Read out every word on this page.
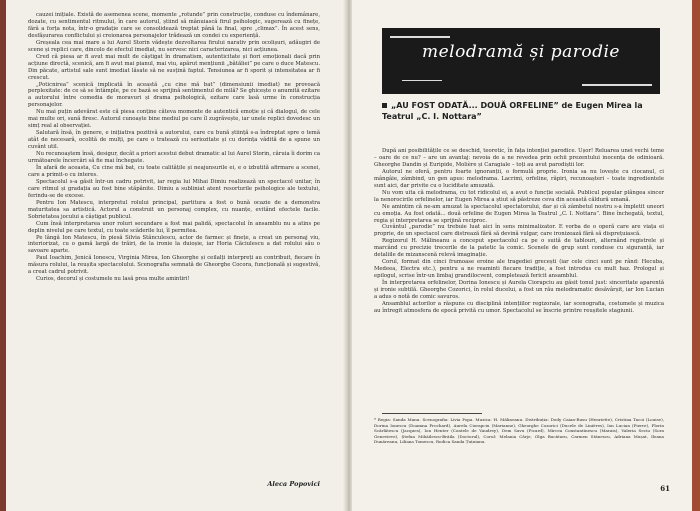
cauzei inițiale. Există de asemenea scene, momente „rotunde” prin construcție, conduse cu îndemânare, dozate, cu sentimentul ritmului, în care autorul, știind să mânuiască firul psihologic, sugerează cu finețe, fără a forța nota, într-o gradație care se consolidează treptat până la final, spre „climax”. În acest sens, desfășurarea conflictului și creionarea personajelor trădează un condei cu experiență.

Greșeala cea mai mare a lui Aurel Storin vădește dezvoltarea firului narativ prin ocolișuri, adăugiri de scene și replici care, dincolo de efectul imediat, nu servesc nici caracterizarea, nici acțiunea.

Cred că piesa ar fi avut mai mult de câștigat în dramatism, autenticitate și fiori emoționali dacă prin acțiune directă, scenică, am fi avut mai pianul, mai viu, apărut mențiunii „bătăliei” pe care o duce Matescu. Din păcate, artistul sale sunt imediat lăsate să ne susțină faptul. Tensiunea ar fi sporit și intensitatea ar fi crescut.

„Poticnirea” scenică implicată în această „cu cine mă bat” (dimensiunii imediat) ne provoacă perplexitate: de ce să se întâmple, pe ce bază se sprijină sentimentul de milă? Se ghicește o anumită ezitare a autorului între comedia de moravuri și drama psihologică, ezitare care lasă urme în construcția personajelor.

Nu mai puțin adevărat este că piesa conține câteva momente de autentică emoție și că dialogul, de cele mai multe ori, sună firesc. Autorul cunoaște bine mediul pe care îl zugrăvește, iar unele replici dovedesc un simț real al observației.

Salutară însă, în genere, e inițiativa pozitivă a autorului, care cu bună știință s-a îndreptat spre o temă atât de necesară, ocolită de mulți, pe care o tratează cu seriozitate și cu dorința vădită de a spune un cuvânt util.

Nu recunoaștem însă, desigur, decât a priori acestui debut dramatic al lui Aurel Storin, căruia îi dorim ca următoarele încercări să fie mai închegate.

În afară de aceasta, Cu cine mă bat, cu toate calitățile și neajunsurile ei, e o izbutită afirmare a scenei, care a primit-o cu interes.

Spectacolul s-a găsit într-un cadru potrivit, iar regia lui Mihai Dimiu realizează un spectacol unitar, în care ritmul și gradația au fost bine stăpânite. Dimiu a subliniat atent resorturile psihologice ale textului, ferindu-se de excese.

Pentru Ion Matescu, interpretul rolului principal, partitura a fost o bună ocazie de a demonstra maturitatea sa artistică. Actorul a construit un personaj complex, cu nuanțe, evitând efectele facile. Sobrietatea jocului a câștigat publicul.

Cum însă interpretarea unor roluri secundare a fost mai palidă, spectacolul în ansamblu nu a atins pe deplin nivelul pe care textul, cu toate scăderile lui, îl permitea.

Pe lângă Ion Matescu, în piesă Silvia Stănculescu, actor de farmec și finețe, a creat un personaj viu, interiorizat, cu o gamă largă de trăiri, de la ironie la duioșie, iar Horia Căciulescu a dat rolului său o savoare aparte.

Paul Ioachim, Jenică Ionescu, Virginia Mirea, Ion Gheorghe și ceilalți interpreți au contribuit, fiecare în măsura rolului, la reușita spectacolului. Scenografia semnată de Gheorghe Cocora, funcțională și sugestivă, a creat cadrul potrivit.

Curios, decorul și costumele nu lasă prea multe amintiri!

Aleca Popovici
melodramă și parodie
„AU FOST ODATĂ... DOUĂ ORFELINE” de Eugen Mirea la Teatrul „C. I. Nottara”

După ani posibilitățile ce se deschid, teoretic, în fața intenției parodice. Ușor! Reluarea unei vechi teme – oare de ce nu? – are un avantaj: nevoia de a ne revedea prin ochii prezentului inocența de odinioară. Gheorghe Dandin și Euripide, Molière și Caragiale – toți au avut parodiștii lor.

Autorul ne oferă, pentru foarte ignoranții, o formulă proprie. Ironia sa nu lovește cu ciocanul, ci mângâie, zâmbind, un gen apus: melodrama. Lacrimi, orfeline, răpiri, recunoașteri – toate ingredientele sunt aici, dar privite cu o luciditate amuzată.

Nu vom uita că melodrama, cu tot ridicolul ei, a avut o funcție socială. Publicul popular plângea sincer la nenorocirile orfelinelor, iar Eugen Mirea a știut să păstreze ceva din această căldură umană.

Ne amintim că ne-am amuzat la spectacolul spectatorului, dar și că zâmbetul nostru s-a împletit uneori cu emoția. Au fost odată... două orfeline de Eugen Mirea la Teatrul „C. I. Nottara”. Bine închegată, textul, regia și interpretarea se sprijină reciproc.

Cuvântul „parodie” nu trebuie luat aici în sens minimalizator. E vorba de o operă care are viața ei proprie, de un spectacol care distrează fără să devină vulgar, care ironizează fără să disprețuiască.

Regizorul H. Mălineanu a conceput spectacolul ca pe o suită de tablouri, alternând registrele și marcând cu precizie trecerile de la patetic la comic. Scenele de grup sunt conduse cu siguranță, iar detaliile de mizanscenă relevă imaginație.

Corul, format din cinci frumoase eroine ale tragediei grecești (iar cele cinci sunt pe rând: Hecuba, Medeea, Electra etc.), pentru a ne reaminti fiecare tradiție, a fost introdus cu mult haz. Prologul și epilogul, scrise într-un limbaj grandilocvent, completează fericit ansamblul.

În interpretarea orfelinelor, Dorina Ionescu și Aurela Ciorapciu au găsit tonul just: sinceritate aparentă și ironie subtilă. Gheorghe Cozorici, în rolul ducelui, a fost un rău melodramatic desăvârșit, iar Ion Lucian a adus o notă de comic savuros.

Ansamblul actorilor a răspuns cu disciplină intențiilor regizorale, iar scenografia, costumele și muzica au întregit atmosfera de epocă privită cu umor. Spectacolul se înscrie printre reușitele stagiunii.

* Regia: Sanda Manu. Scenografia: Livia Popa. Muzica: H. Mălineanu. Distribuția: Dody Caian-Rusu (Henriette), Cristina Tacoi (Louise), Dorina Ionescu (Doamna Frochard), Aurela Ciorapciu (Marianne), Gheorghe Cozorici (Ducele de Linières), Ion Lucian (Pierre), Florin Scărlătescu (Jacques), Ion Henter (Contele de Vaudrey), Dem Savu (Picard), Mircea Constantinescu (Marais), Valeria Seciu (Sora Genevieve), Ștefan Mihăilescu-Brăila (Doctorul), Corul: Melania Cârje, Olga Bucătaru, Carmen Stănescu, Adriana Mușat, Ileana Dunăreanu, Liliana Tomescu, Rodica Sanda Țuțuianu.
61
